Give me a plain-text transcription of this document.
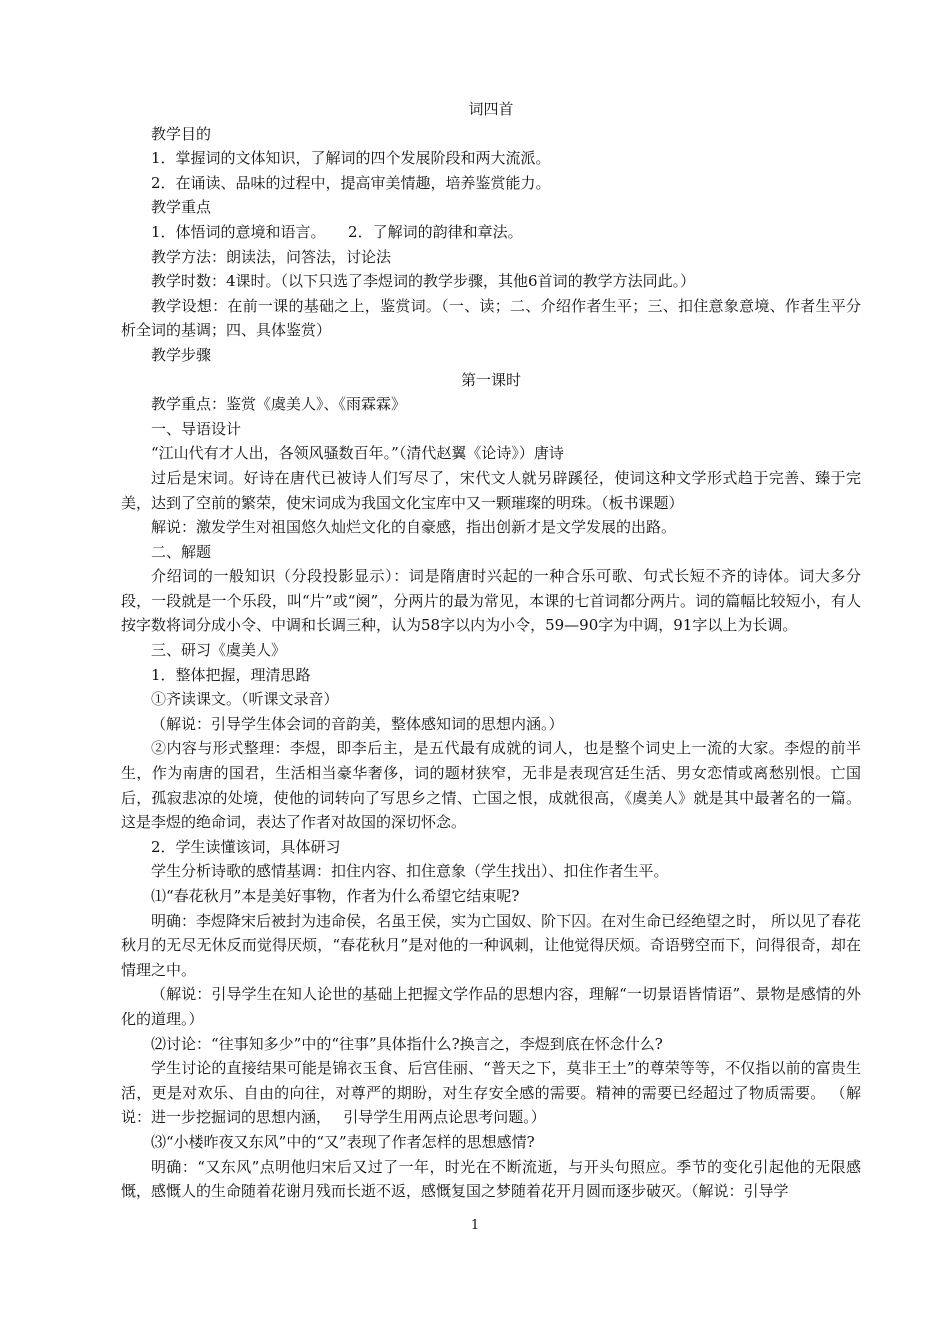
词四首

教学目的

1．掌握词的文体知识，了解词的四个发展阶段和两大流派。

2．在诵读、品味的过程中，提高审美情趣，培养鉴赏能力。

教学重点

1．体悟词的意境和语言。　　2．了解词的韵律和章法。

教学方法：朗读法，问答法，讨论法

教学时数：4课时。（以下只选了李煜词的教学步骤，其他6首词的教学方法同此。）

教学设想：在前一课的基础之上，鉴赏词。（一、读；二、介绍作者生平；三、扣住意象意境、作者生平分析全词的基调；四、具体鉴赏）

教学步骤

第一课时

教学重点：鉴赏《虞美人》、《雨霖霖》

一、导语设计

“江山代有才人出，各领风骚数百年。”（清代赵翼《论诗》）唐诗

过后是宋词。好诗在唐代已被诗人们写尽了，宋代文人就另辟蹊径，使词这种文学形式趋于完善、臻于完美，达到了空前的繁荣，使宋词成为我国文化宝库中又一颗璀璨的明珠。（板书课题）

解说：激发学生对祖国悠久灿烂文化的自豪感，指出创新才是文学发展的出路。

二、解题

介绍词的一般知识（分段投影显示）：词是隋唐时兴起的一种合乐可歌、句式长短不齐的诗体。词大多分段，一段就是一个乐段，叫“片”或“阕”，分两片的最为常见，本课的七首词都分两片。词的篇幅比较短小，有人按字数将词分成小令、中调和长调三种，认为58字以内为小令，59—90字为中调，91字以上为长调。

三、研习《虞美人》

1．整体把握，理清思路

①齐读课文。（听课文录音）

（解说：引导学生体会词的音韵美，整体感知词的思想内涵。）

②内容与形式整理：李煜，即李后主，是五代最有成就的词人，也是整个词史上一流的大家。李煜的前半生，作为南唐的国君，生活相当豪华奢侈，词的题材狭窄，无非是表现宫廷生活、男女恋情或离愁别恨。亡国后，孤寂悲凉的处境，使他的词转向了写思乡之情、亡国之恨，成就很高，《虞美人》就是其中最著名的一篇。这是李煜的绝命词，表达了作者对故国的深切怀念。

2．学生读懂该词，具体研习

学生分析诗歌的感情基调：扣住内容、扣住意象（学生找出）、扣住作者生平。

⑴“春花秋月”本是美好事物，作者为什么希望它结束呢?

明确：李煜降宋后被封为违命侯，名虽王侯，实为亡国奴、阶下囚。在对生命已经绝望之时， 所以见了春花秋月的无尽无休反而觉得厌烦，“春花秋月”是对他的一种讽刺，让他觉得厌烦。奇语劈空而下，问得很奇，却在情理之中。

（解说：引导学生在知人论世的基础上把握文学作品的思想内容，理解“一切景语皆情语”、景物是感情的外化的道理。）

⑵讨论：“往事知多少”中的“往事”具体指什么?换言之，李煜到底在怀念什么?

学生讨论的直接结果可能是锦衣玉食、后宫佳丽、“普天之下，莫非王土”的尊荣等等，不仅指以前的富贵生活，更是对欢乐、自由的向往，对尊严的期盼，对生存安全感的需要。精神的需要已经超过了物质需要。 （解说：进一步挖掘词的思想内涵，　 引导学生用两点论思考问题。）

⑶“小楼昨夜又东风”中的“又”表现了作者怎样的思想感情?

明确：“又东风”点明他归宋后又过了一年，时光在不断流逝，与开头句照应。季节的变化引起他的无限感慨，感慨人的生命随着花谢月残而长逝不返，感慨复国之梦随着花开月圆而逐步破灭。（解说：引导学

1
